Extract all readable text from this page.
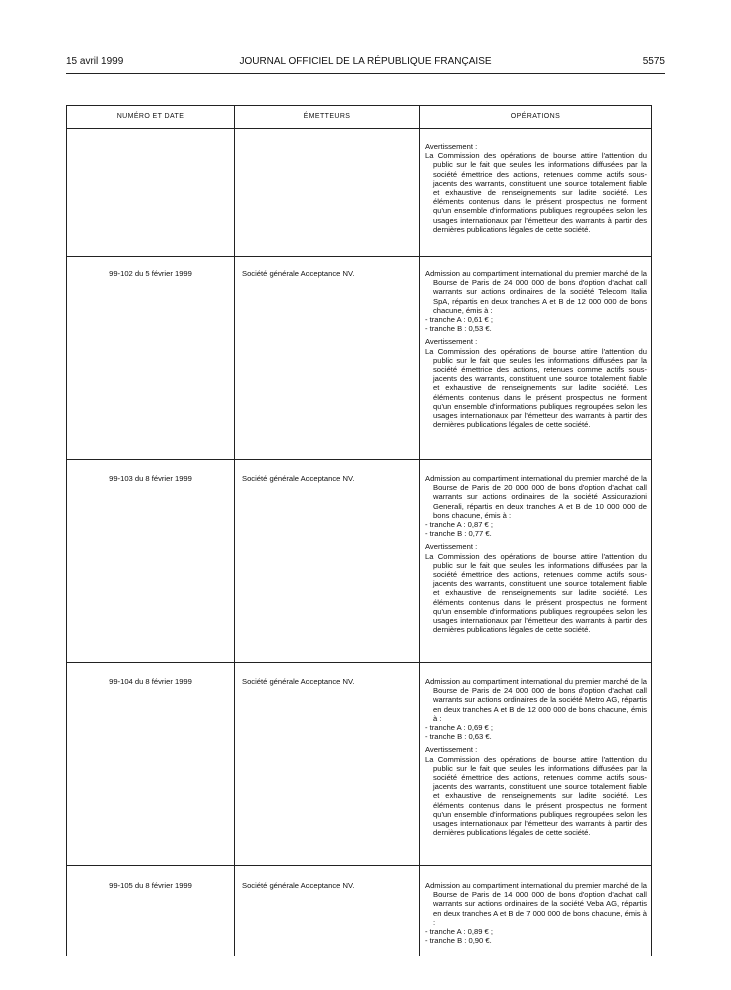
15 avril 1999	JOURNAL OFFICIEL DE LA RÉPUBLIQUE FRANÇAISE	5575
NUMÉRO ET DATE	ÉMETTEURS	OPÉRATIONS

Avertissement :

La Commission des opérations de bourse attire l'attention du public sur le fait que seules les informations diffusées par la société émettrice des actions, retenues comme actifs sous-jacents des warrants, constituent une source totalement fiable et exhaustive de renseignements sur ladite société. Les éléments contenus dans le présent prospectus ne forment qu'un ensemble d'informations publiques regroupées selon les usages internationaux par l'émetteur des warrants à partir des dernières publications légales de cette société.

99-102 du 5 février 1999	Société générale Acceptance NV.	Admission au compartiment international du premier marché de la Bourse de Paris de 24 000 000 de bons d'option d'achat call warrants sur actions ordinaires de la société Telecom Italia SpA, répartis en deux tranches A et B de 12 000 000 de bons chacune, émis à :

- tranche A : 0,61 € ;

- tranche B : 0,53 €.

Avertissement :

La Commission des opérations de bourse attire l'attention du public sur le fait que seules les informations diffusées par la société émettrice des actions, retenues comme actifs sous-jacents des warrants, constituent une source totalement fiable et exhaustive de renseignements sur ladite société. Les éléments contenus dans le présent prospectus ne forment qu'un ensemble d'informations publiques regroupées selon les usages internationaux par l'émetteur des warrants à partir des dernières publications légales de cette société.

99-103 du 8 février 1999	Société générale Acceptance NV.	Admission au compartiment international du premier marché de la Bourse de Paris de 20 000 000 de bons d'option d'achat call warrants sur actions ordinaires de la société Assicurazioni Generali, répartis en deux tranches A et B de 10 000 000 de bons chacune, émis à :

- tranche A : 0,87 € ;

- tranche B : 0,77 €.

Avertissement :

La Commission des opérations de bourse attire l'attention du public sur le fait que seules les informations diffusées par la société émettrice des actions, retenues comme actifs sous-jacents des warrants, constituent une source totalement fiable et exhaustive de renseignements sur ladite société. Les éléments contenus dans le présent prospectus ne forment qu'un ensemble d'informations publiques regroupées selon les usages internationaux par l'émetteur des warrants à partir des dernières publications légales de cette société.

99-104 du 8 février 1999	Société générale Acceptance NV.	Admission au compartiment international du premier marché de la Bourse de Paris de 24 000 000 de bons d'option d'achat call warrants sur actions ordinaires de la société Metro AG, répartis en deux tranches A et B de 12 000 000 de bons chacune, émis à :

- tranche A : 0,69 € ;

- tranche B : 0,63 €.

Avertissement :

La Commission des opérations de bourse attire l'attention du public sur le fait que seules les informations diffusées par la société émettrice des actions, retenues comme actifs sous-jacents des warrants, constituent une source totalement fiable et exhaustive de renseignements sur ladite société. Les éléments contenus dans le présent prospectus ne forment qu'un ensemble d'informations publiques regroupées selon les usages internationaux par l'émetteur des warrants à partir des dernières publications légales de cette société.

99-105 du 8 février 1999	Société générale Acceptance NV.	Admission au compartiment international du premier marché de la Bourse de Paris de 14 000 000 de bons d'option d'achat call warrants sur actions ordinaires de la société Veba AG, répartis en deux tranches A et B de 7 000 000 de bons chacune, émis à :

- tranche A : 0,89 € ;

- tranche B : 0,90 €.
